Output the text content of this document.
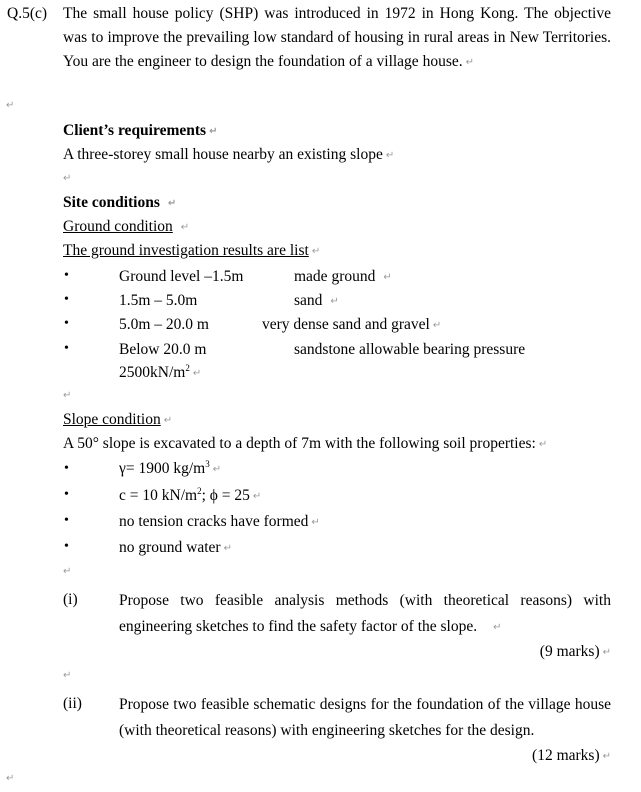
Q.5(c) The small house policy (SHP) was introduced in 1972 in Hong Kong. The objective was to improve the prevailing low standard of housing in rural areas in New Territories. You are the engineer to design the foundation of a village house. ↵
↵
Client’s requirements ↵
A three-storey small house nearby an existing slope ↵
↵
Site conditions ↵
Ground condition ↵
The ground investigation results are list ↵
•	Ground level –1.5m	made ground ↵
•	1.5m – 5.0m	sand ↵
•	5.0m – 20.0 m	very dense sand and gravel ↵
•	Below 20.0 m	sandstone allowable bearing pressure
$2500kN/m^2↵$
↵
Slope condition ↵
A 50° slope is excavated to a depth of 7m with the following soil properties: ↵
•	γ= 1900 $kg/m^3↵$
•	c = 10 $kN/m^2$; ϕ = 25 ↵
•	no tension cracks have formed ↵
•	no ground water ↵
↵
(i)	Propose two feasible analysis methods (with theoretical reasons) with engineering sketches to find the safety factor of the slope. ↵
(9 marks) ↵
↵
(ii) Propose two feasible schematic designs for the foundation of the village house (with theoretical reasons) with engineering sketches for the design.
(12 marks) ↵
↵
